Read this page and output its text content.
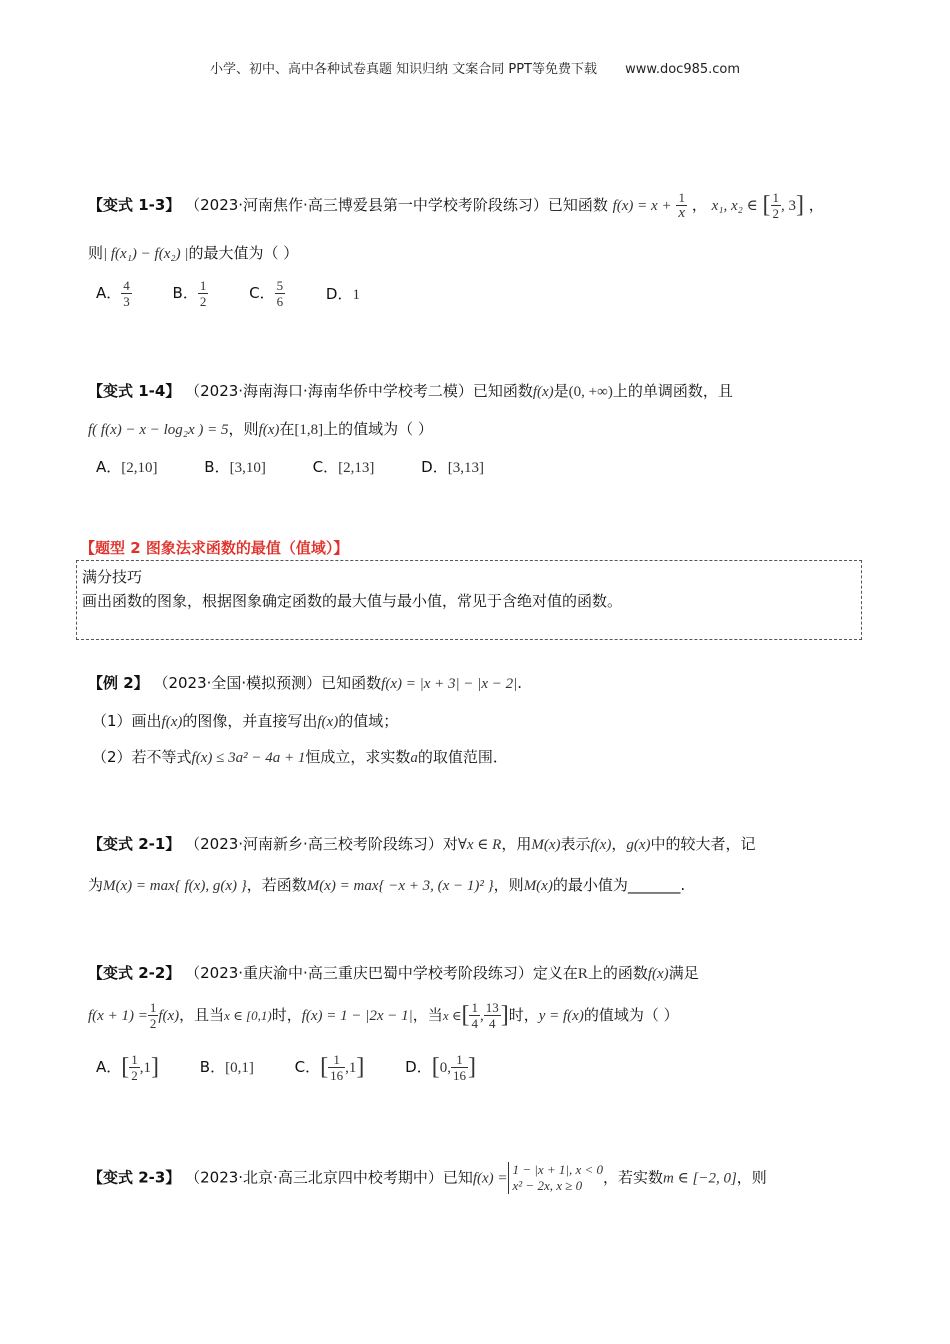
小学、初中、高中各种试卷真题 知识归纳 文案合同 PPT等免费下载 www.doc985.com
【变式 1-3】 （2023·河南焦作·高三博爱县第一中学校考阶段练习）已知函数 $f(x) = x + \frac{1}{x}$ ， x₁, x₂ ∈ [ $\frac{1}{2}$ , 3] ，
则| f(x₁) − f(x₂) |的最大值为（ ）
A． $\frac{4}{3}$	B． $\frac{1}{2}$	C． $\frac{5}{6}$	D．1
【变式 1-4】 （2023·海南海口·海南华侨中学校考二模）已知函数f(x)是(0, +∞)上的单调函数，且
f( f(x) − x − log₂x ) = 5，则f(x)在[1,8]上的值域为（ ）
A．[2,10]	B．[3,10]	C．[2,13]	D．[3,13]
【题型 2 图象法求函数的最值（值域）】
满分技巧
画出函数的图象，根据图象确定函数的最大值与最小值，常见于含绝对值的函数。
【例 2】 （2023·全国·模拟预测）已知函数f(x) = |x + 3| − |x − 2|.
（1）画出f(x)的图像，并直接写出f(x)的值域；
（2）若不等式f(x) ≤ 3a² − 4a + 1恒成立，求实数a的取值范围．
【变式 2-1】 （2023·河南新乡·高三校考阶段练习）对∀x ∈ R，用M(x)表示f(x)，g(x)中的较大者，记
为M(x) = max{ f(x), g(x) }，若函数M(x) = max{ −x + 3, (x − 1)² }，则M(x)的最小值为_______.
【变式 2-2】 （2023·重庆渝中·高三重庆巴蜀中学校考阶段练习）定义在R上的函数f(x)满足
$f(x + 1) = \frac{1}{2} f(x)$，且当x ∈ [0,1)时，f(x) = 1 − |2x − 1|，当x ∈[ $\frac{1}{4}$ , $\frac{13}{4}$ ]时，y = f(x)的值域为（ ）
A．[ $\frac{1}{2} ,1$]	B．[0,1]	C．[ $\frac{1}{16} ,1$]	D．[0, $\frac{1}{16}$ ]
【变式 2-3】 （2023·北京·高三北京四中校考期中）已知f(x) =
1 − |x + 1|, x < 0
x² − 2x, x ≥ 0	，若实数m ∈ [−2, 0]，则
